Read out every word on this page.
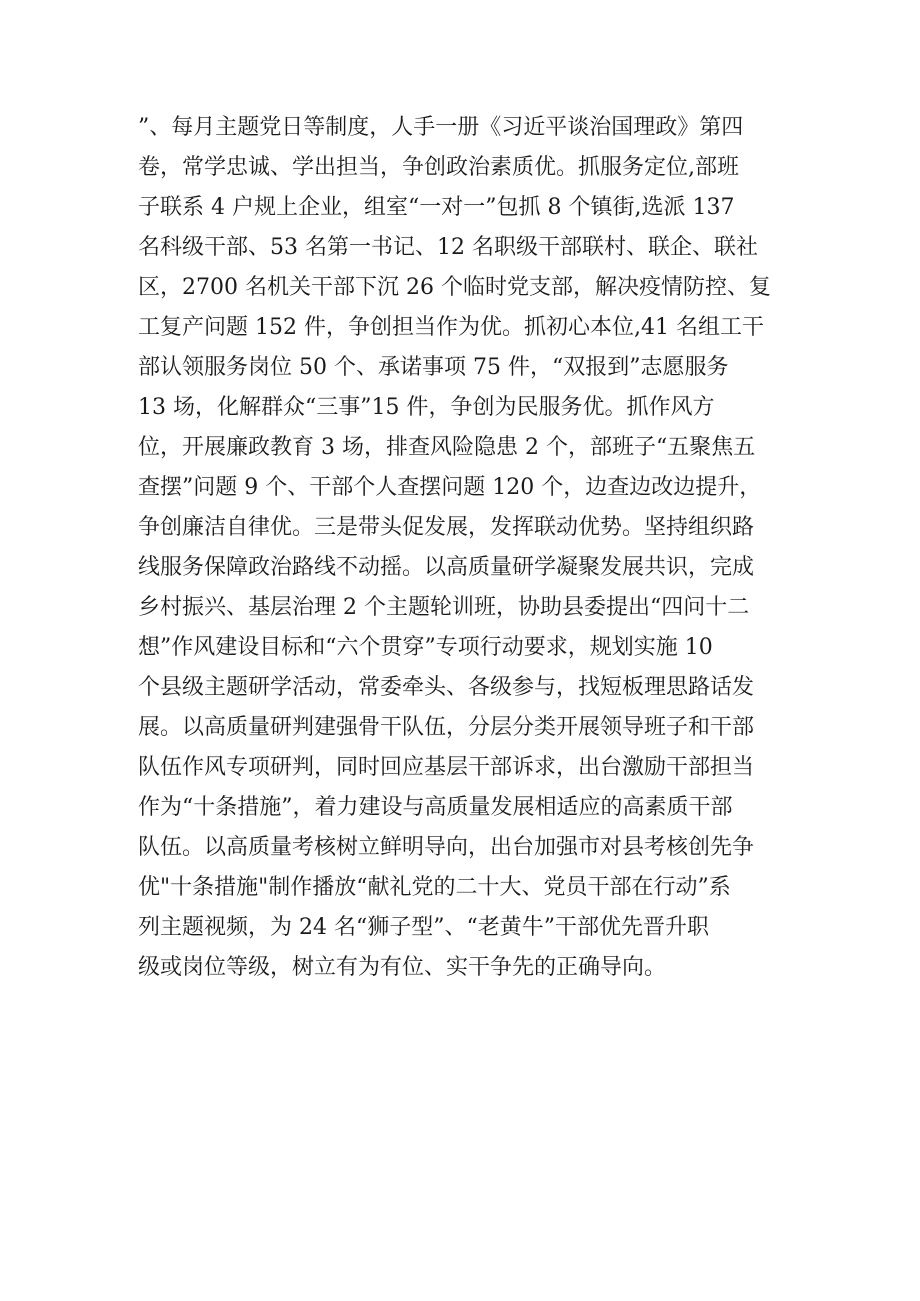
”、每月主题党日等制度，人手一册《习近平谈治国理政》第四
卷，常学忠诚、学出担当，争创政治素质优。抓服务定位,部班
子联系 4 户规上企业，组室“一对一”包抓 8 个镇街,选派 137
名科级干部、53 名第一书记、12 名职级干部联村、联企、联社
区，2700 名机关干部下沉 26 个临时党支部，解决疫情防控、复
工复产问题 152 件，争创担当作为优。抓初心本位,41 名组工干
部认领服务岗位 50 个、承诺事项 75 件，“双报到”志愿服务
13 场，化解群众“三事”15 件，争创为民服务优。抓作风方
位，开展廉政教育 3 场，排查风险隐患 2 个，部班子“五聚焦五
查摆”问题 9 个、干部个人查摆问题 120 个，边查边改边提升，
争创廉洁自律优。三是带头促发展，发挥联动优势。坚持组织路
线服务保障政治路线不动摇。以高质量研学凝聚发展共识，完成
乡村振兴、基层治理 2 个主题轮训班，协助县委提出“四问十二
想”作风建设目标和“六个贯穿”专项行动要求，规划实施 10
个县级主题研学活动，常委牵头、各级参与，找短板理思路话发
展。以高质量研判建强骨干队伍，分层分类开展领导班子和干部
队伍作风专项研判，同时回应基层干部诉求，出台激励干部担当
作为“十条措施”，着力建设与高质量发展相适应的高素质干部
队伍。以高质量考核树立鲜明导向，出台加强市对县考核创先争
优"十条措施"制作播放“献礼党的二十大、党员干部在行动”系
列主题视频，为 24 名“狮子型”、“老黄牛”干部优先晋升职
级或岗位等级，树立有为有位、实干争先的正确导向。
